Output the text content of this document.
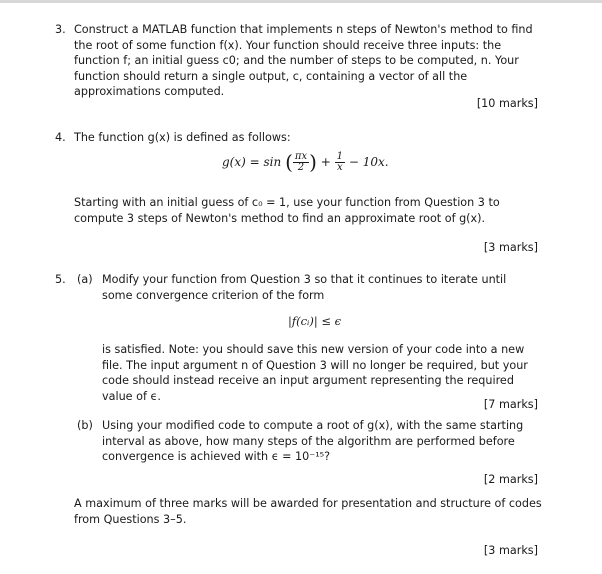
3. Construct a MATLAB function that implements n steps of Newton's method to find the root of some function f(x). Your function should receive three inputs: the function f; an initial guess c0; and the number of steps to be computed, n. Your function should return a single output, c, containing a vector of all the approximations computed.
[10 marks]
4. The function g(x) is defined as follows:
g(x) = sin ( $\frac{\pi x}{2}$ ) + $\frac{1}{x} - 10x$.
Starting with an initial guess of c₀ = 1, use your function from Question 3 to compute 3 steps of Newton's method to find an approximate root of g(x).
[3 marks]
5. (a) Modify your function from Question 3 so that it continues to iterate until some convergence criterion of the form
|f(cᵢ)| ≤ ϵ
is satisfied. Note: you should save this new version of your code into a new file. The input argument n of Question 3 will no longer be required, but your code should instead receive an input argument representing the required value of ϵ.
[7 marks]
(b) Using your modified code to compute a root of g(x), with the same starting interval as above, how many steps of the algorithm are performed before convergence is achieved with ϵ = 10⁻¹⁵?
[2 marks]
A maximum of three marks will be awarded for presentation and structure of codes from Questions 3–5.
[3 marks]
